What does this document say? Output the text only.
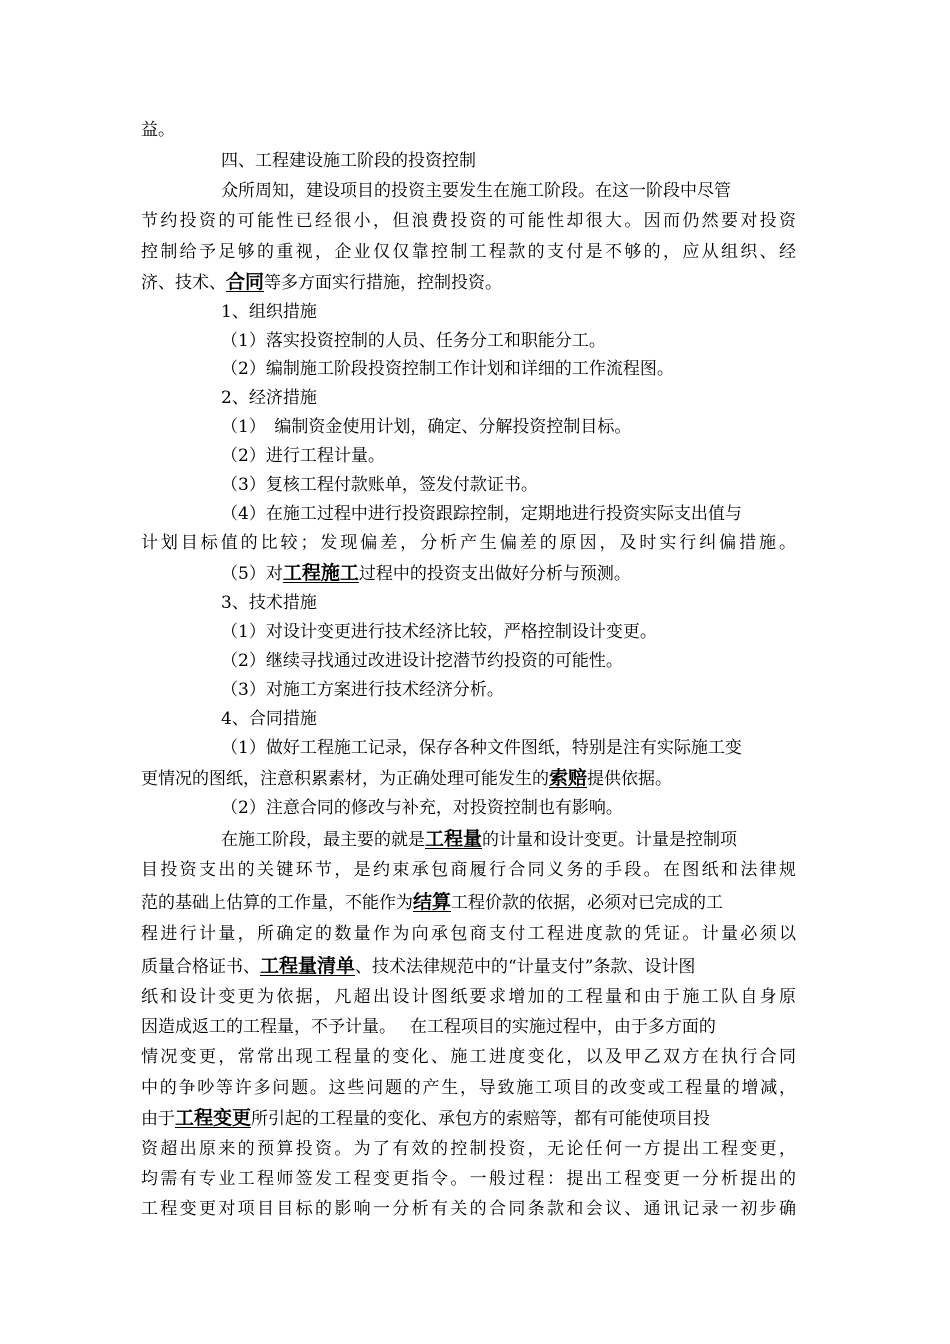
益。
四、工程建设施工阶段的投资控制
众所周知，建设项目的投资主要发生在施工阶段。在这一阶段中尽管
节约投资的可能性已经很小，但浪费投资的可能性却很大。因而仍然要对投资
控制给予足够的重视，企业仅仅靠控制工程款的支付是不够的，应从组织、经
济、技术、合同等多方面实行措施，控制投资。
1、组织措施
（1）落实投资控制的人员、任务分工和职能分工。
（2）编制施工阶段投资控制工作计划和详细的工作流程图。
2、经济措施
（1）　编制资金使用计划，确定、分解投资控制目标。
（2）进行工程计量。
（3）复核工程付款账单，签发付款证书。
（4）在施工过程中进行投资跟踪控制，定期地进行投资实际支出值与
计划目标值的比较；发现偏差，分析产生偏差的原因，及时实行纠偏措施。
（5）对工程施工过程中的投资支出做好分析与预测。
3、技术措施
（1）对设计变更进行技术经济比较，严格控制设计变更。
（2）继续寻找通过改进设计挖潜节约投资的可能性。
（3）对施工方案进行技术经济分析。
4、合同措施
（1）做好工程施工记录，保存各种文件图纸，特别是注有实际施工变
更情况的图纸，注意积累素材，为正确处理可能发生的索赔提供依据。
（2）注意合同的修改与补充，对投资控制也有影响。
在施工阶段，最主要的就是工程量的计量和设计变更。计量是控制项
目投资支出的关键环节，是约束承包商履行合同义务的手段。在图纸和法律规
范的基础上估算的工作量，不能作为结算工程价款的依据，必须对已完成的工
程进行计量，所确定的数量作为向承包商支付工程进度款的凭证。计量必须以
质量合格证书、工程量清单、技术法律规范中的“计量支付”条款、设计图
纸和设计变更为依据，凡超出设计图纸要求增加的工程量和由于施工队自身原
因造成返工的工程量，不予计量。　 在工程项目的实施过程中，由于多方面的
情况变更，常常出现工程量的变化、施工进度变化，以及甲乙双方在执行合同
中的争吵等许多问题。这些问题的产生，导致施工项目的改变或工程量的增减，
由于工程变更所引起的工程量的变化、承包方的索赔等，都有可能使项目投
资超出原来的预算投资。为了有效的控制投资，无论任何一方提出工程变更，
均需有专业工程师签发工程变更指令。一般过程：提出工程变更一分析提出的
工程变更对项目目标的影响一分析有关的合同条款和会议、通讯记录一初步确
